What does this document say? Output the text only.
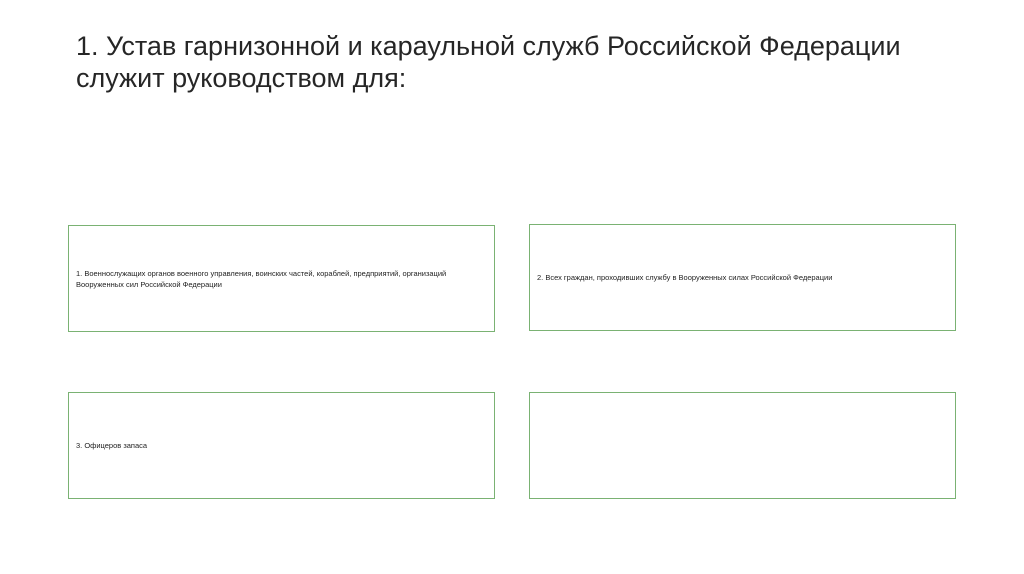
1. Устав гарнизонной и караульной служб Российской Федерации служит руководством для:
1. Военнослужащих органов военного управления, воинских частей, кораблей, предприятий, организаций Вооруженных сил Российской Федерации
2. Всех граждан, проходивших службу в Вооруженных силах Российской Федерации
3. Офицеров запаса
